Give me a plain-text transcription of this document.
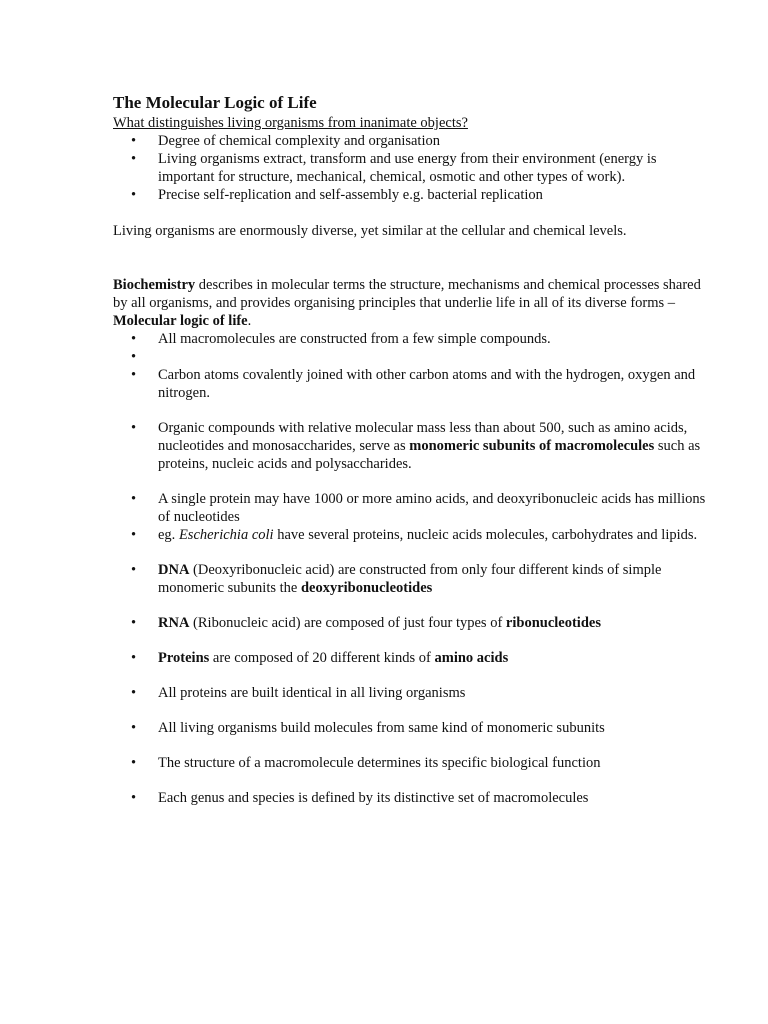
The Molecular Logic of Life

What distinguishes living organisms from inanimate objects?

• Degree of chemical complexity and organisation
• Living organisms extract, transform and use energy from their environment (energy is important for structure, mechanical, chemical, osmotic and other types of work).
• Precise self-replication and self-assembly e.g. bacterial replication

Living organisms are enormously diverse, yet similar at the cellular and chemical levels.

Biochemistry describes in molecular terms the structure, mechanisms and chemical processes shared by all organisms, and provides organising principles that underlie life in all of its diverse forms – Molecular logic of life.

• All macromolecules are constructed from a few simple compounds.
•

• Carbon atoms covalently joined with other carbon atoms and with the hydrogen, oxygen and nitrogen.
• Organic compounds with relative molecular mass less than about 500, such as amino acids, nucleotides and monosaccharides, serve as monomeric subunits of macromolecules such as proteins, nucleic acids and polysaccharides.
• A single protein may have 1000 or more amino acids, and deoxyribonucleic acids has millions of nucleotides
• eg. Escherichia coli have several proteins, nucleic acids molecules, carbohydrates and lipids.
• DNA (Deoxyribonucleic acid) are constructed from only four different kinds of simple monomeric subunits the deoxyribonucleotides
• RNA (Ribonucleic acid) are composed of just four types of ribonucleotides
• Proteins are composed of 20 different kinds of amino acids
• All proteins are built identical in all living organisms
• All living organisms build molecules from same kind of monomeric subunits
• The structure of a macromolecule determines its specific biological function
• Each genus and species is defined by its distinctive set of macromolecules
